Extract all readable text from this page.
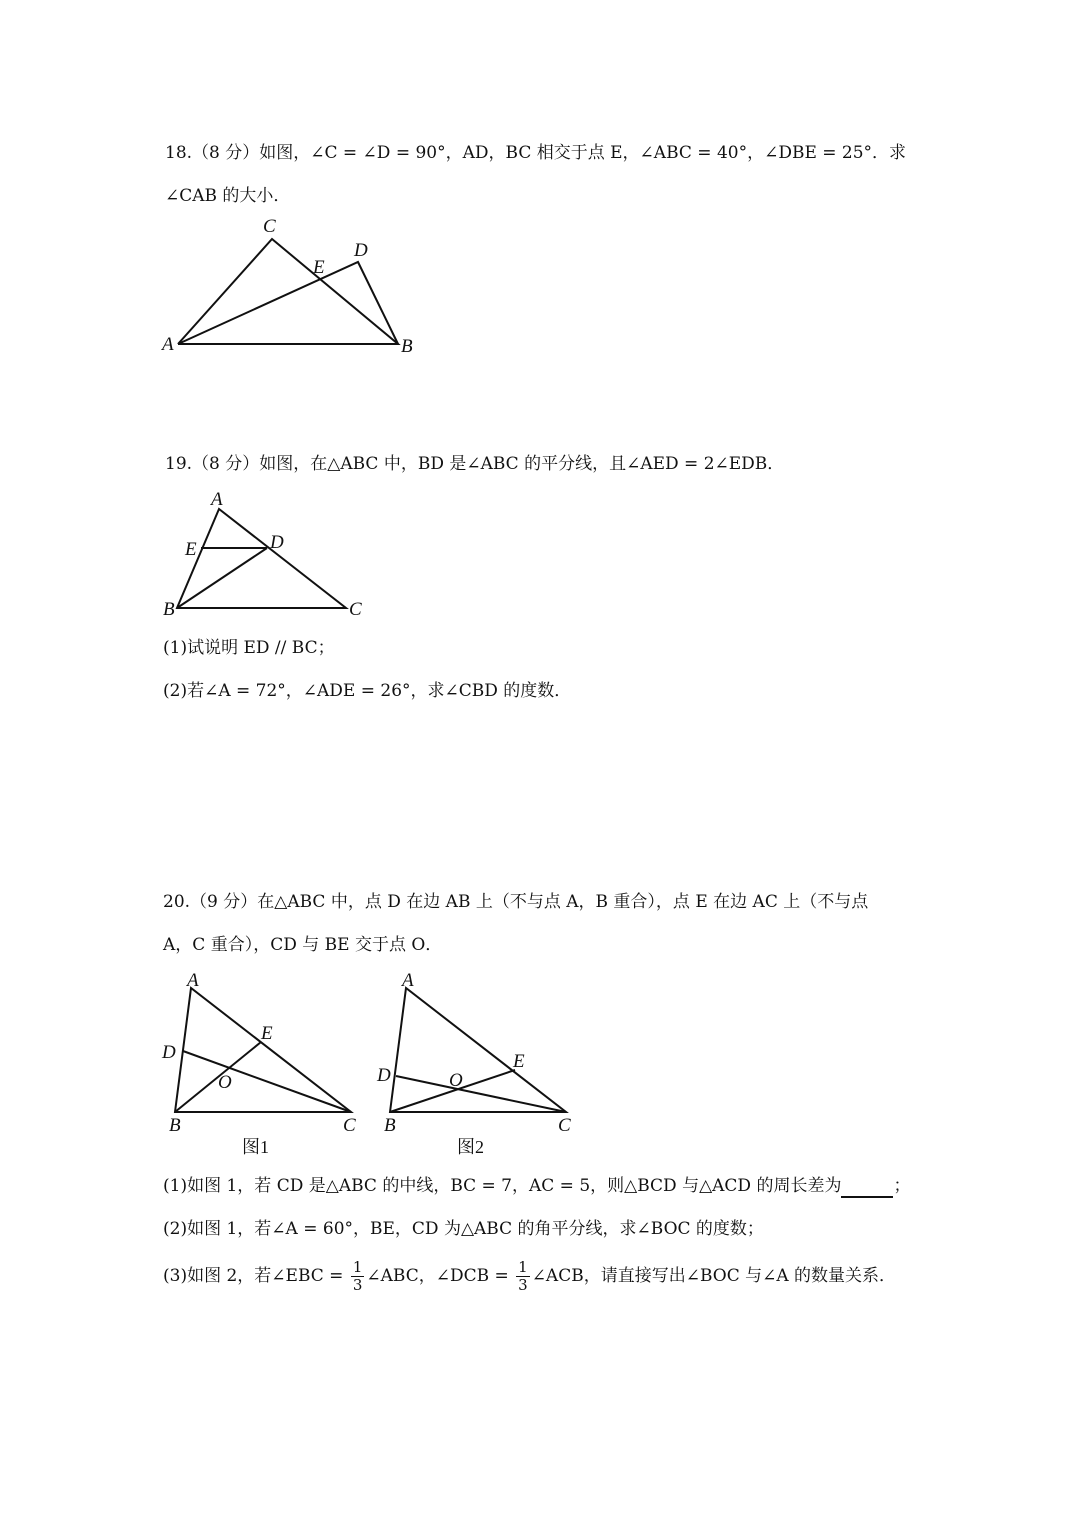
18.（8 分）如图，∠C = ∠D = 90°，AD，BC 相交于点 E，∠ABC = 40°，∠DBE = 25°．求
∠CAB 的大小．
A	B
C
D
E
19.（8 分）如图，在△ABC 中，BD 是∠ABC 的平分线，且∠AED = 2∠EDB．
A
B	C
D
E
(1)试说明 ED // BC；
(2)若∠A = 72°，∠ADE = 26°，求∠CBD 的度数．
20.（9 分）在△ABC 中，点 D 在边 AB 上（不与点 A，B 重合），点 E 在边 AC 上（不与点
A，C 重合），CD 与 BE 交于点 O．
A
B	C
D
E
O
图1
A
B	C
D
E
O
图2
(1)如图 1，若 CD 是△ABC 的中线，BC = 7，AC = 5，则△BCD 与△ACD 的周长差为	；
(2)如图 1，若∠A = 60°，BE，CD 为△ABC 的角平分线，求∠BOC 的度数；
(3)如图 2，若∠EBC = $\frac{1}{3}$ ∠ABC，∠DCB = $\frac{1}{3}$ ∠ACB，请直接写出∠BOC 与∠A 的数量关系．
